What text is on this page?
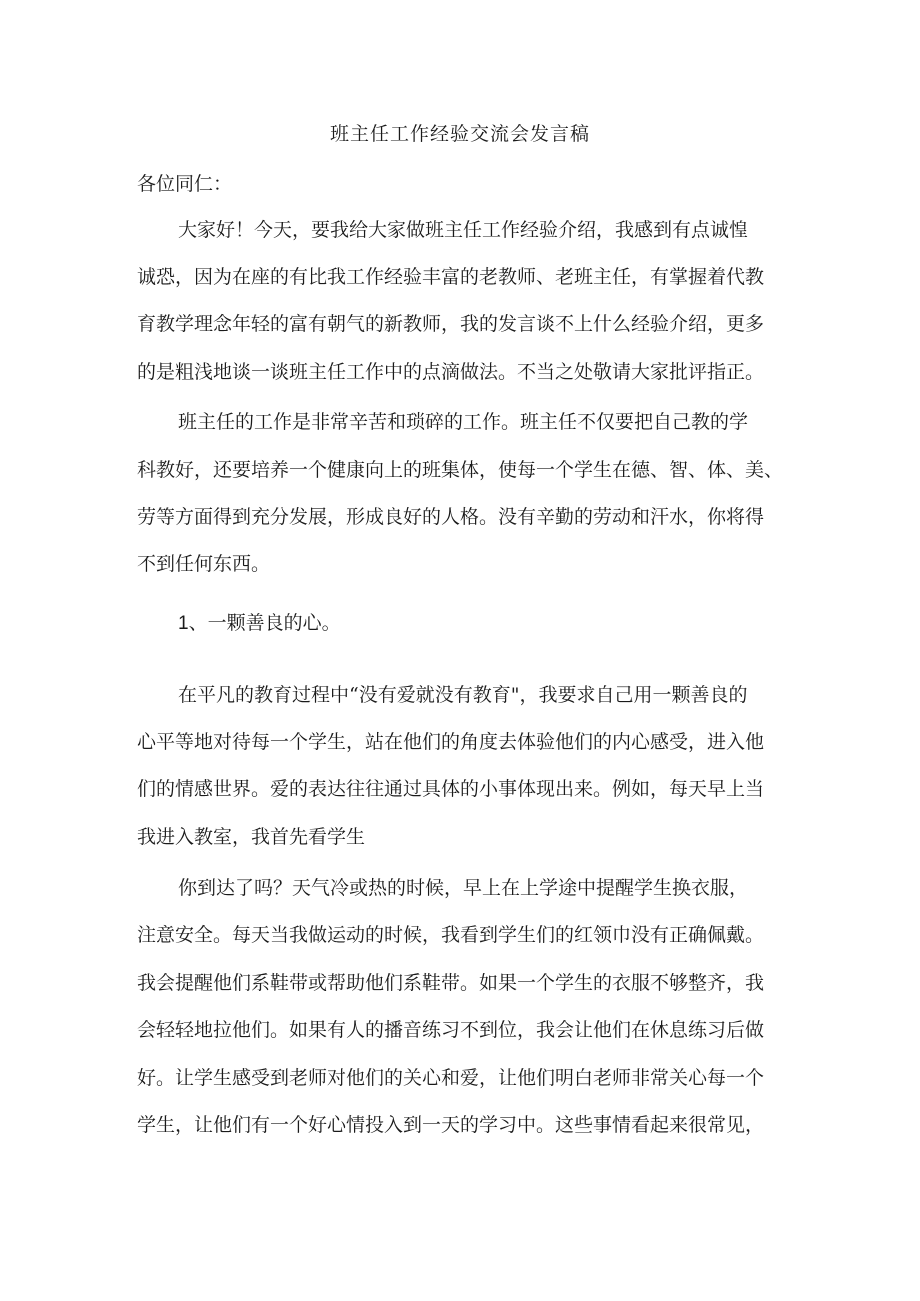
班主任工作经验交流会发言稿
各位同仁：
大家好！今天，要我给大家做班主任工作经验介绍，我感到有点诚惶
诚恐，因为在座的有比我工作经验丰富的老教师、老班主任，有掌握着代教
育教学理念年轻的富有朝气的新教师，我的发言谈不上什么经验介绍，更多
的是粗浅地谈一谈班主任工作中的点滴做法。不当之处敬请大家批评指正。
班主任的工作是非常辛苦和琐碎的工作。班主任不仅要把自己教的学
科教好，还要培养一个健康向上的班集体，使每一个学生在德、智、体、美、
劳等方面得到充分发展，形成良好的人格。没有辛勤的劳动和汗水，你将得
不到任何东西。
1、一颗善良的心。
在平凡的教育过程中“没有爱就没有教育"，我要求自己用一颗善良的
心平等地对待每一个学生，站在他们的角度去体验他们的内心感受，进入他
们的情感世界。爱的表达往往通过具体的小事体现出来。例如，每天早上当
我进入教室，我首先看学生
你到达了吗？天气冷或热的时候，早上在上学途中提醒学生换衣服，
注意安全。每天当我做运动的时候，我看到学生们的红领巾没有正确佩戴。
我会提醒他们系鞋带或帮助他们系鞋带。如果一个学生的衣服不够整齐，我
会轻轻地拉他们。如果有人的播音练习不到位，我会让他们在休息练习后做
好。让学生感受到老师对他们的关心和爱，让他们明白老师非常关心每一个
学生，让他们有一个好心情投入到一天的学习中。这些事情看起来很常见，
